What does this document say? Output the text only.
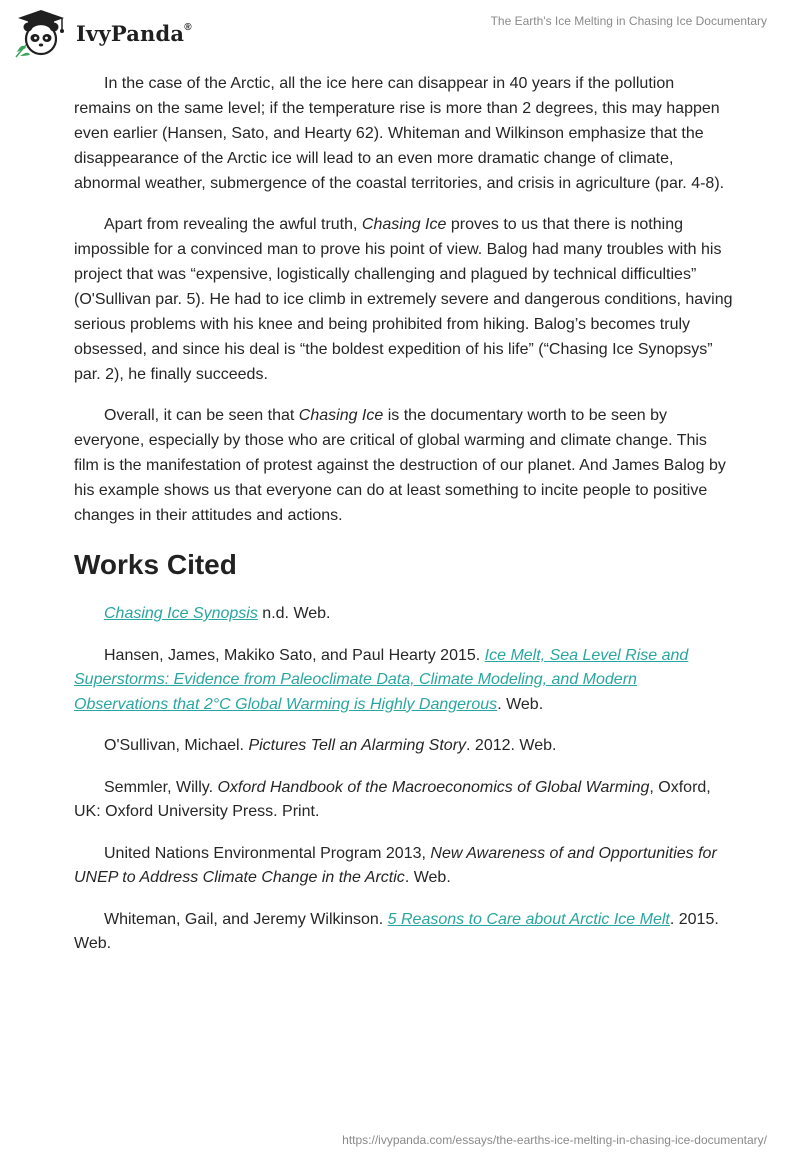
IvyPanda®	The Earth's Ice Melting in Chasing Ice Documentary

In the case of the Arctic, all the ice here can disappear in 40 years if the pollution remains on the same level; if the temperature rise is more than 2 degrees, this may happen even earlier (Hansen, Sato, and Hearty 62). Whiteman and Wilkinson emphasize that the disappearance of the Arctic ice will lead to an even more dramatic change of climate, abnormal weather, submergence of the coastal territories, and crisis in agriculture (par. 4-8).

Apart from revealing the awful truth, Chasing Ice proves to us that there is nothing impossible for a convinced man to prove his point of view. Balog had many troubles with his project that was “expensive, logistically challenging and plagued by technical difficulties” (O'Sullivan par. 5). He had to ice climb in extremely severe and dangerous conditions, having serious problems with his knee and being prohibited from hiking. Balog’s becomes truly obsessed, and since his deal is “the boldest expedition of his life” (“Chasing Ice Synopsys” par. 2), he finally succeeds.

Overall, it can be seen that Chasing Ice is the documentary worth to be seen by everyone, especially by those who are critical of global warming and climate change. This film is the manifestation of protest against the destruction of our planet. And James Balog by his example shows us that everyone can do at least something to incite people to positive changes in their attitudes and actions.

Works Cited

Chasing Ice Synopsis n.d. Web.

Hansen, James, Makiko Sato, and Paul Hearty 2015. Ice Melt, Sea Level Rise and Superstorms: Evidence from Paleoclimate Data, Climate Modeling, and Modern Observations that 2°C Global Warming is Highly Dangerous. Web.

O'Sullivan, Michael. Pictures Tell an Alarming Story. 2012. Web.

Semmler, Willy. Oxford Handbook of the Macroeconomics of Global Warming, Oxford, UK: Oxford University Press. Print.

United Nations Environmental Program 2013, New Awareness of and Opportunities for UNEP to Address Climate Change in the Arctic. Web.

Whiteman, Gail, and Jeremy Wilkinson. 5 Reasons to Care about Arctic Ice Melt. 2015. Web.

https://ivypanda.com/essays/the-earths-ice-melting-in-chasing-ice-documentary/
